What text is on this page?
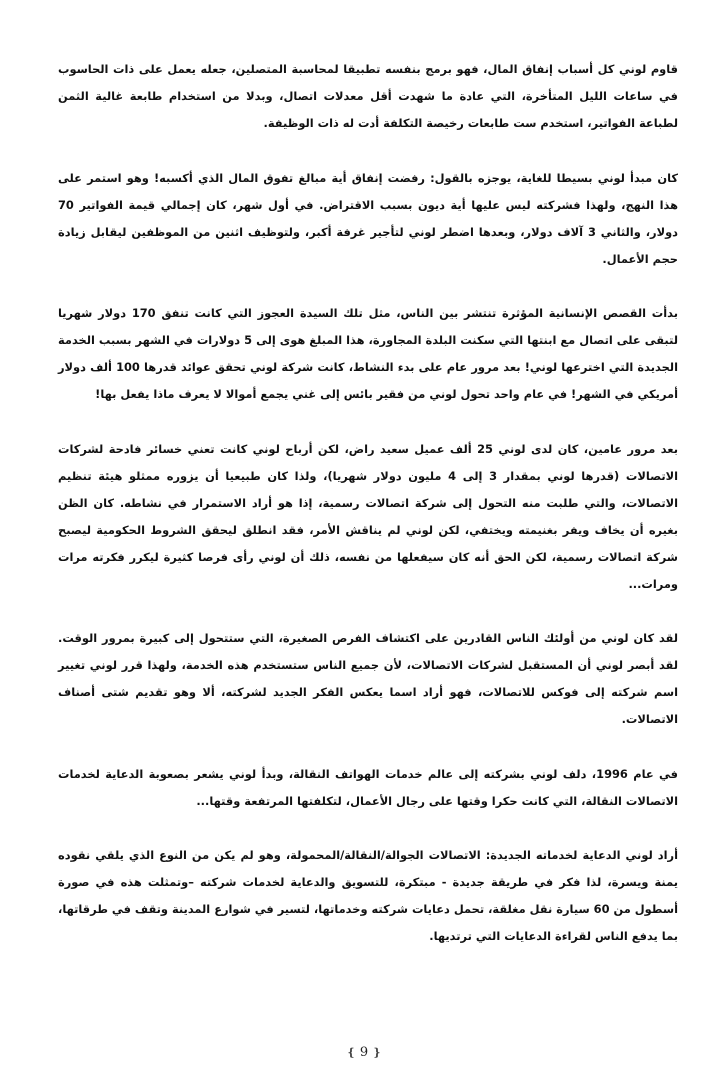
قاوم لوني كل أسباب إنفاق المال، فهو برمج بنفسه تطبيقا لمحاسبة المتصلين، جعله يعمل على ذات الحاسوب في ساعات الليل المتأخرة، التي عادة ما شهدت أقل معدلات اتصال، وبدلا من استخدام طابعة غالية الثمن لطباعة الفواتير، استخدم ست طابعات رخيصة التكلفة أدت له ذات الوظيفة.

كان مبدأ لوني بسيطا للغاية، يوجزه بالقول: رفضت إنفاق أية مبالغ تفوق المال الذي أكسبه! وهو استمر على هذا النهج، ولهذا فشركته ليس عليها أية ديون بسبب الاقتراض. في أول شهر، كان إجمالي قيمة الفواتير 70 دولار، والثاني 3 آلاف دولار، وبعدها اضطر لوني لتأجير غرفة أكبر، ولتوظيف اثنين من الموظفين ليقابل زيادة حجم الأعمال.

بدأت القصص الإنسانية المؤثرة تنتشر بين الناس، مثل تلك السيدة العجوز التي كانت تنفق 170 دولار شهريا لتبقى على اتصال مع ابنتها التي سكنت البلدة المجاورة، هذا المبلغ هوى إلى 5 دولارات في الشهر بسبب الخدمة الجديدة التي اخترعها لوني! بعد مرور عام على بدء النشاط، كانت شركة لوني تحقق عوائد قدرها 100 ألف دولار أمريكي في الشهر! في عام واحد تحول لوني من فقير بائس إلى غني يجمع أموالا لا يعرف ماذا يفعل بها!

بعد مرور عامين، كان لدى لوني 25 ألف عميل سعيد راض، لكن أرباح لوني كانت تعني خسائر فادحة لشركات الاتصالات (قدرها لوني بمقدار 3 إلى 4 مليون دولار شهريا)، ولذا كان طبيعيا أن يزوره ممثلو هيئة تنظيم الاتصالات، والتي طلبت منه التحول إلى شركة اتصالات رسمية، إذا هو أراد الاستمرار في نشاطه. كان الظن بغيره أن يخاف ويفر بغنيمته ويختفي، لكن لوني لم يناقش الأمر، فقد انطلق ليحقق الشروط الحكومية ليصبح شركة اتصالات رسمية، لكن الحق أنه كان سيفعلها من نفسه، ذلك أن لوني رأى فرصا كثيرة ليكرر فكرته مرات ومرات...

لقد كان لوني من أولئك الناس القادرين على اكتشاف الفرص الصغيرة، التي ستتحول إلى كبيرة بمرور الوقت. لقد أبصر لوني أن المستقبل لشركات الاتصالات، لأن جميع الناس ستستخدم هذه الخدمة، ولهذا قرر لوني تغيير اسم شركته إلى فوكس للاتصالات، فهو أراد اسما يعكس الفكر الجديد لشركته، ألا وهو تقديم شتى أصناف الاتصالات.

في عام 1996، دلف لوني بشركته إلى عالم خدمات الهواتف النقالة، وبدأ لوني يشعر بصعوبة الدعاية لخدمات الاتصالات النقالة، التي كانت حكرا وقتها على رجال الأعمال، لتكلفتها المرتفعة وقتها...

أراد لوني الدعاية لخدماته الجديدة: الاتصالات الجوالة/النقالة/المحمولة، وهو لم يكن من النوع الذي يلقي نقوده يمنة ويسرة، لذا فكر في طريقة جديدة - مبتكرة، للتسويق والدعاية لخدمات شركته –وتمثلت هذه في صورة أسطول من 60 سيارة نقل مغلقة، تحمل دعايات شركته وخدماتها، لتسير في شوارع المدينة وتقف في طرقاتها، بما يدفع الناس لقراءة الدعايات التي ترتديها.

❴ 9 ❵
